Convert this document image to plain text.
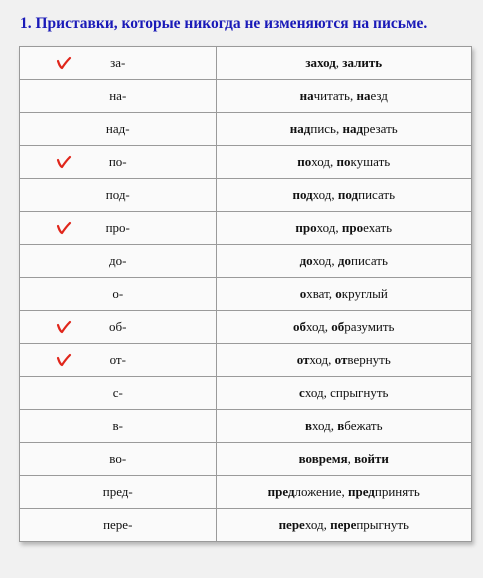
1. Приставки, которые никогда не изменяются на письме.
за-	заход, залить
на-	начитать, наезд
над-	надпись, надрезать

по-	поход, покушать
под-	подход, подписать

про-	проход, проехать
до-	доход, дописать
о-	охват, округлый

об-	обход, образумить

от-	отход, отвернуть
с-	сход, спрыгнуть
в-	вход, вбежать
во-	вовремя, войти
пред-	предложение, предпринять
пере-	переход, перепрыгнуть
